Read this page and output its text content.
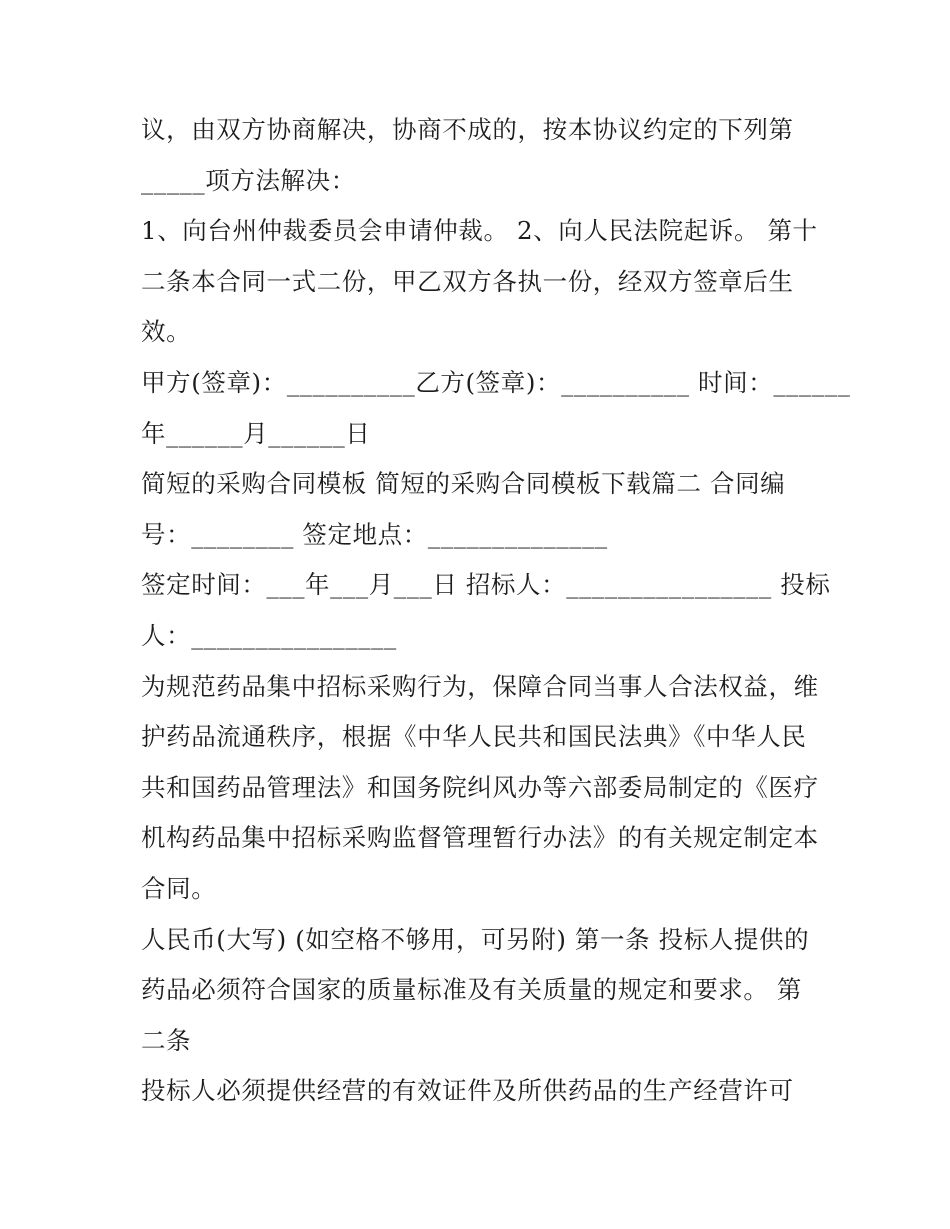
议，由双方协商解决，协商不成的，按本协议约定的下列第
_____项方法解决：
1、向台州仲裁委员会申请仲裁。 2、向人民法院起诉。 第十
二条本合同一式二份，甲乙双方各执一份，经双方签章后生
效。
甲方(签章)：__________乙方(签章)：__________ 时间：______
年______月______日
简短的采购合同模板 简短的采购合同模板下载篇二 合同编
号：________ 签定地点：______________
签定时间：___年___月___日 招标人：________________ 投标
人：________________
为规范药品集中招标采购行为，保障合同当事人合法权益，维
护药品流通秩序，根据《中华人民共和国民法典》《中华人民
共和国药品管理法》和国务院纠风办等六部委局制定的《医疗
机构药品集中招标采购监督管理暂行办法》的有关规定制定本
合同。
人民币(大写) (如空格不够用，可另附) 第一条 投标人提供的
药品必须符合国家的质量标准及有关质量的规定和要求。 第
二条
投标人必须提供经营的有效证件及所供药品的生产经营许可
